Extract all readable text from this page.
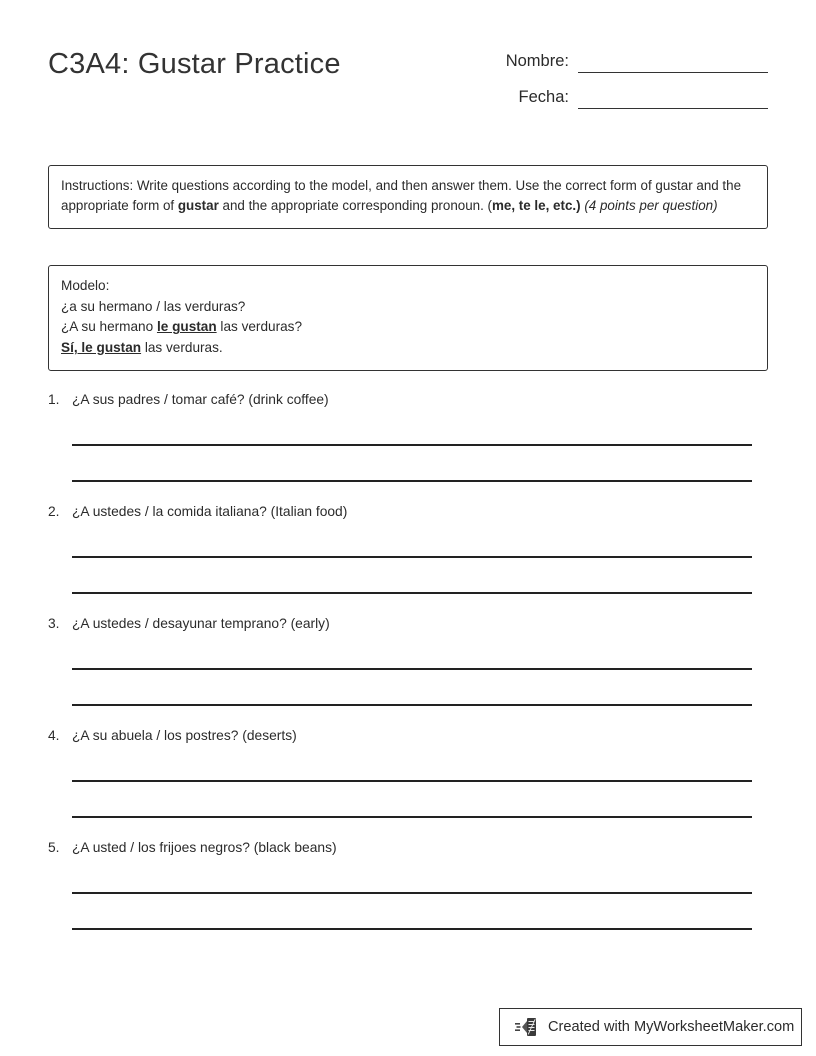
C3A4: Gustar Practice	Nombre:
Fecha:
Instructions: Write questions according to the model, and then answer them. Use the correct form of gustar and the appropriate form of gustar and the appropriate corresponding pronoun. (me, te le, etc.) (4 points per question)
Modelo:
¿a su hermano / las verduras?
¿A su hermano le gustan las verduras?
Sí, le gustan las verduras.
1. ¿A sus padres / tomar café? (drink coffee)
2. ¿A ustedes / la comida italiana? (Italian food)
3. ¿A ustedes / desayunar temprano? (early)
4. ¿A su abuela / los postres? (deserts)
5. ¿A usted / los frijoes negros? (black beans)
Created with MyWorksheetMaker.com
